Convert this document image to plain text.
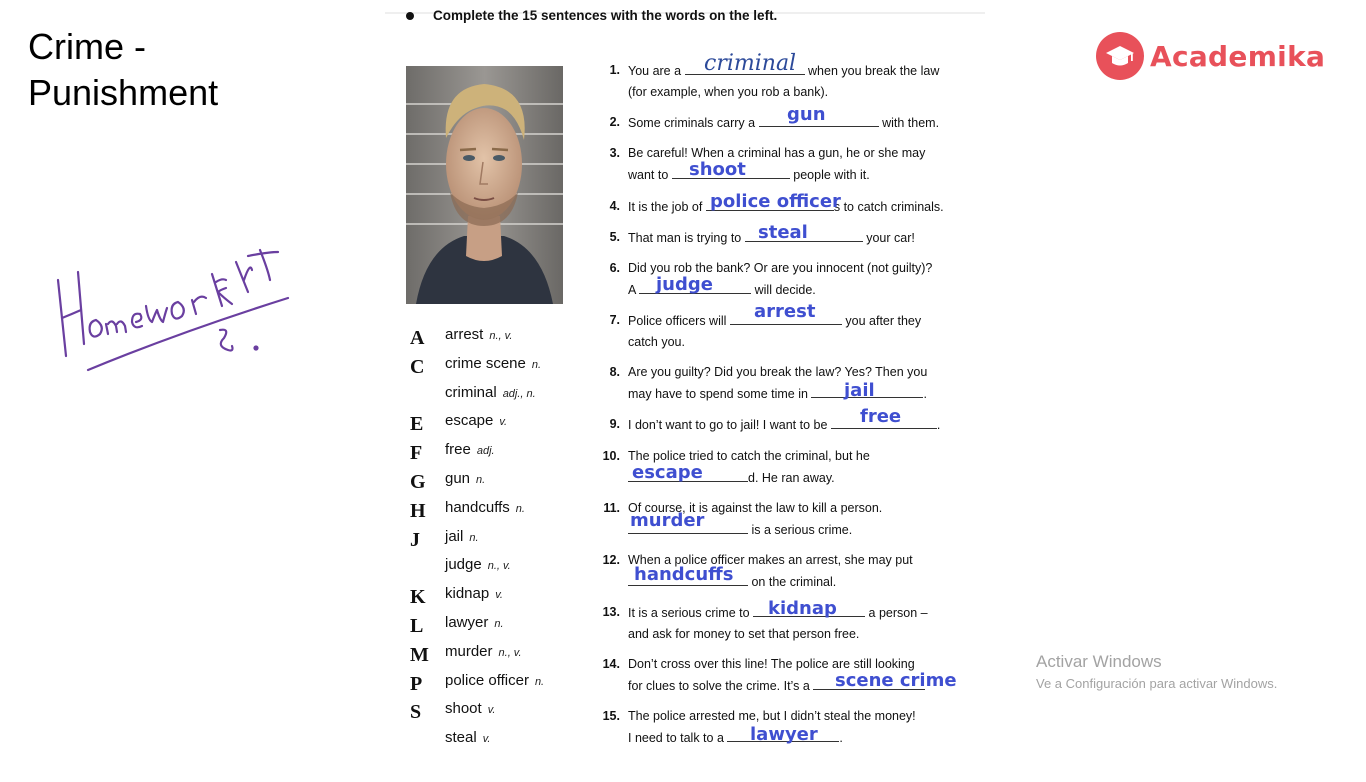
Crime -
Punishment
Academika
Complete the 15 sentences with the words on the left.
A	arrest n., v.
C	crime scene n.
criminal adj., n.
E	escape v.
F	free adj.
G	gun n.
H	handcuffs n.
J	jail n.
judge n., v.
K	kidnap v.
L	lawyer n.
M murder n., v.
P	police officer n.
S	shoot v.
steal v.
1. You are a	when you break the law
(for example, when you rob a bank).
2. Some criminals carry a	with them.
3. Be careful! When a criminal has a gun, he or she may
want to	people with it.
4. It is the job of	s to catch criminals.
5. That man is trying to	your car!
6. Did you rob the bank? Or are you innocent (not guilty)?
A	will decide.
7. Police officers will	you after they
catch you.
8. Are you guilty? Did you break the law? Yes? Then you
may have to spend some time in	.
9. I don’t want to go to jail! I want to be	.
10. The police tried to catch the criminal, but he
d. He ran away.
11. Of course, it is against the law to kill a person.
is a serious crime.
12. When a police officer makes an arrest, she may put
on the criminal.
13. It is a serious crime to	a person –
and ask for money to set that person free.
14. Don’t cross over this line! The police are still looking
for clues to solve the crime. It’s a
15. The police arrested me, but I didn’t steal the money!
I need to talk to a	.
criminal
gun
shoot
police officer
steal
judge
arrest
jail
free
escape
murder
handcuffs
kidnap
scene crime
lawyer
Activar Windows
Ve a Configuración para activar Windows.
